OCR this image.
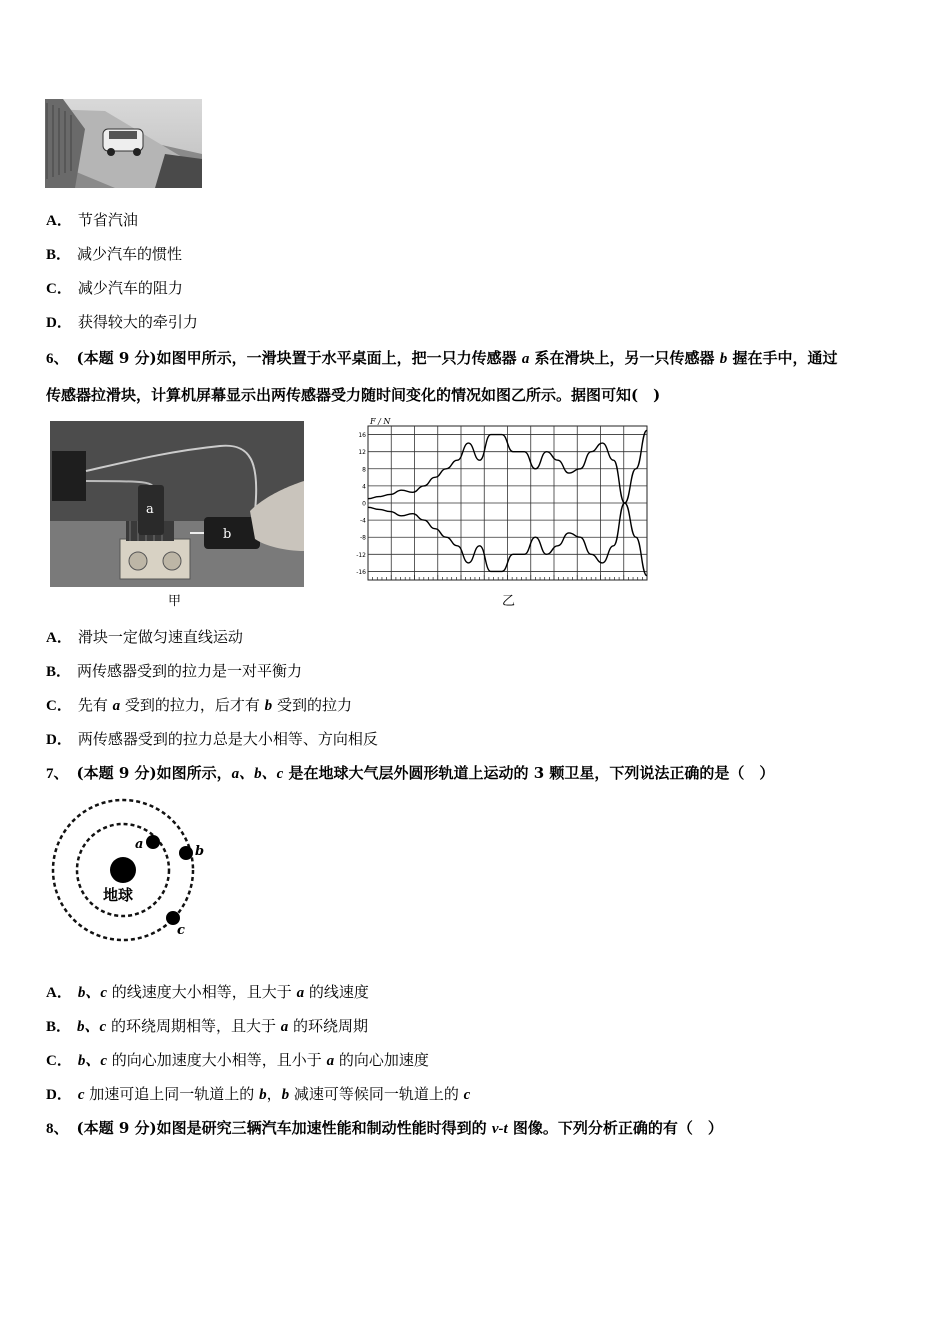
A． 节省汽油
B． 减少汽车的惯性
C． 减少汽车的阻力
D． 获得较大的牵引力
6、 (本题 9 分)如图甲所示，一滑块置于水平桌面上，把一只力传感器 a 系在滑块上，另一只传感器 b 握在手中，通过
传感器拉滑块，计算机屏幕显示出两传感器受力随时间变化的情况如图乙所示。据图可知(　)
a
b
甲
F / N
16
12
8
4
0
-4
-8
-12
-16
乙
A． 滑块一定做匀速直线运动
B． 两传感器受到的拉力是一对平衡力
C． 先有 a 受到的拉力，后才有 b 受到的拉力
D． 两传感器受到的拉力总是大小相等、方向相反
7、 (本题 9 分)如图所示，a、b、c 是在地球大气层外圆形轨道上运动的 3 颗卫星，下列说法正确的是（　）
地球
a	b
c
A． b、c 的线速度大小相等，且大于 a 的线速度
B． b、c 的环绕周期相等，且大于 a 的环绕周期
C． b、c 的向心加速度大小相等，且小于 a 的向心加速度
D． c 加速可追上同一轨道上的 b，b 减速可等候同一轨道上的 c
8、 (本题 9 分)如图是研究三辆汽车加速性能和制动性能时得到的 v-t 图像。下列分析正确的有（　）
